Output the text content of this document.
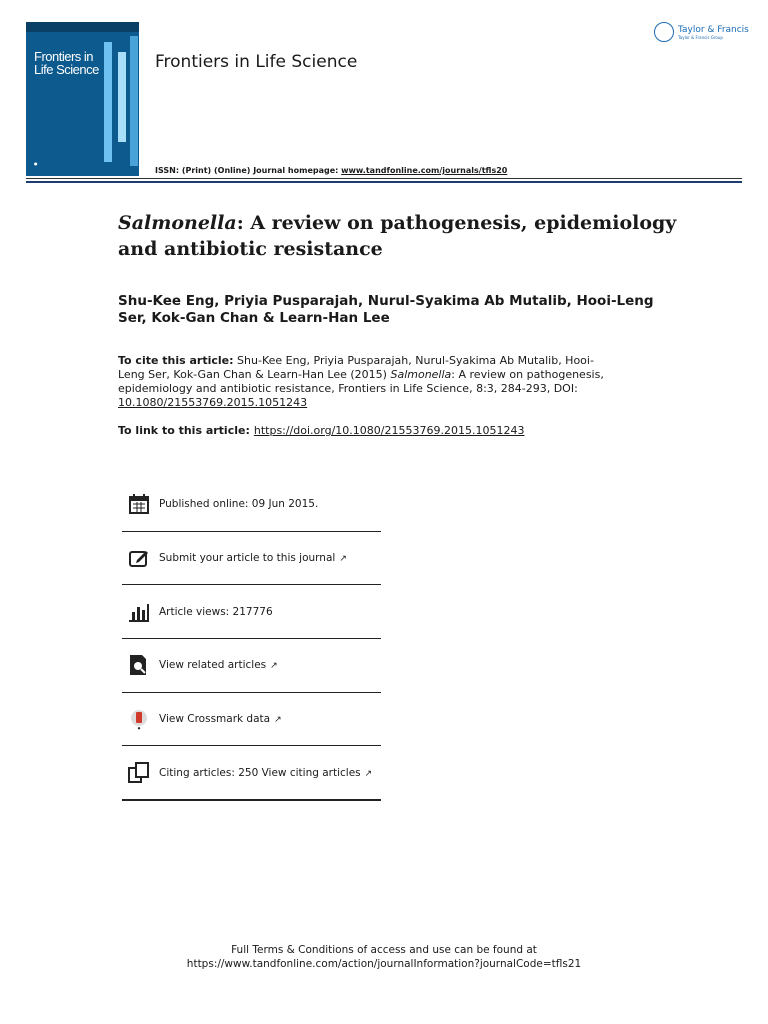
Frontiers in
Life Science
●
Frontiers in Life Science
ISSN: (Print) (Online) Journal homepage: www.tandfonline.com/journals/tfls20
Taylor & Francis
Taylor & Francis Group
Salmonella: A review on pathogenesis, epidemiology and antibiotic resistance
Shu-Kee Eng, Priyia Pusparajah, Nurul-Syakima Ab Mutalib, Hooi-Leng Ser, Kok-Gan Chan & Learn-Han Lee
To cite this article: Shu-Kee Eng, Priyia Pusparajah, Nurul-Syakima Ab Mutalib, Hooi-Leng Ser, Kok-Gan Chan & Learn-Han Lee (2015) Salmonella: A review on pathogenesis, epidemiology and antibiotic resistance, Frontiers in Life Science, 8:3, 284-293, DOI: 10.1080/21553769.2015.1051243
To link to this article: https://doi.org/10.1080/21553769.2015.1051243
Published online: 09 Jun 2015.
Submit your article to this journal ↗
Article views: 217776
View related articles ↗
●
View Crossmark data ↗
Citing articles: 250 View citing articles ↗
Full Terms & Conditions of access and use can be found at
https://www.tandfonline.com/action/journalInformation?journalCode=tfls21
